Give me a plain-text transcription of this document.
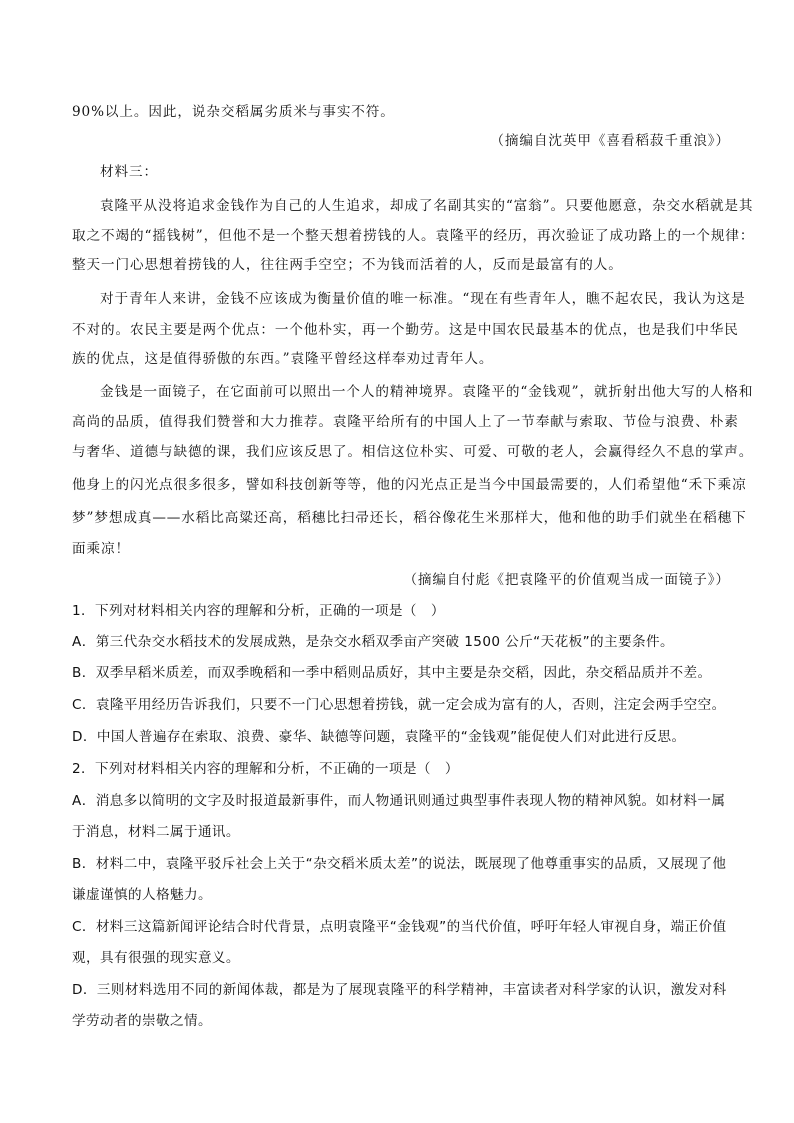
90%以上。因此，说杂交稻属劣质米与事实不符。
（摘编自沈英甲《喜看稻菽千重浪》）
材料三：
袁隆平从没将追求金钱作为自己的人生追求，却成了名副其实的“富翁”。只要他愿意，杂交水稻就是其
取之不竭的“摇钱树”，但他不是一个整天想着捞钱的人。袁隆平的经历，再次验证了成功路上的一个规律：
整天一门心思想着捞钱的人，往往两手空空；不为钱而活着的人，反而是最富有的人。
对于青年人来讲，金钱不应该成为衡量价值的唯一标准。“现在有些青年人，瞧不起农民，我认为这是
不对的。农民主要是两个优点：一个他朴实，再一个勤劳。这是中国农民最基本的优点，也是我们中华民
族的优点，这是值得骄傲的东西。”袁隆平曾经这样奉劝过青年人。
金钱是一面镜子，在它面前可以照出一个人的精神境界。袁隆平的“金钱观”，就折射出他大写的人格和
高尚的品质，值得我们赞誉和大力推荐。袁隆平给所有的中国人上了一节奉献与索取、节俭与浪费、朴素
与奢华、道德与缺德的课，我们应该反思了。相信这位朴实、可爱、可敬的老人，会赢得经久不息的掌声。
他身上的闪光点很多很多，譬如科技创新等等，他的闪光点正是当今中国最需要的，人们希望他“禾下乘凉
梦”梦想成真——水稻比高粱还高，稻穗比扫帚还长，稻谷像花生米那样大，他和他的助手们就坐在稻穗下
面乘凉！
（摘编自付彪《把袁隆平的价值观当成一面镜子》）
1．下列对材料相关内容的理解和分析，正确的一项是（　）
A．第三代杂交水稻技术的发展成熟，是杂交水稻双季亩产突破 1500 公斤“天花板”的主要条件。
B．双季早稻米质差，而双季晚稻和一季中稻则品质好，其中主要是杂交稻，因此，杂交稻品质并不差。
C．袁隆平用经历告诉我们，只要不一门心思想着捞钱，就一定会成为富有的人，否则，注定会两手空空。
D．中国人普遍存在索取、浪费、豪华、缺德等问题，袁隆平的“金钱观”能促使人们对此进行反思。
2．下列对材料相关内容的理解和分析，不正确的一项是（　）
A．消息多以简明的文字及时报道最新事件，而人物通讯则通过典型事件表现人物的精神风貌。如材料一属
于消息，材料二属于通讯。
B．材料二中，袁隆平驳斥社会上关于“杂交稻米质太差”的说法，既展现了他尊重事实的品质，又展现了他
谦虚谨慎的人格魅力。
C．材料三这篇新闻评论结合时代背景，点明袁隆平“金钱观”的当代价值，呼吁年轻人审视自身，端正价值
观，具有很强的现实意义。
D．三则材料选用不同的新闻体裁，都是为了展现袁隆平的科学精神，丰富读者对科学家的认识，激发对科
学劳动者的崇敬之情。
